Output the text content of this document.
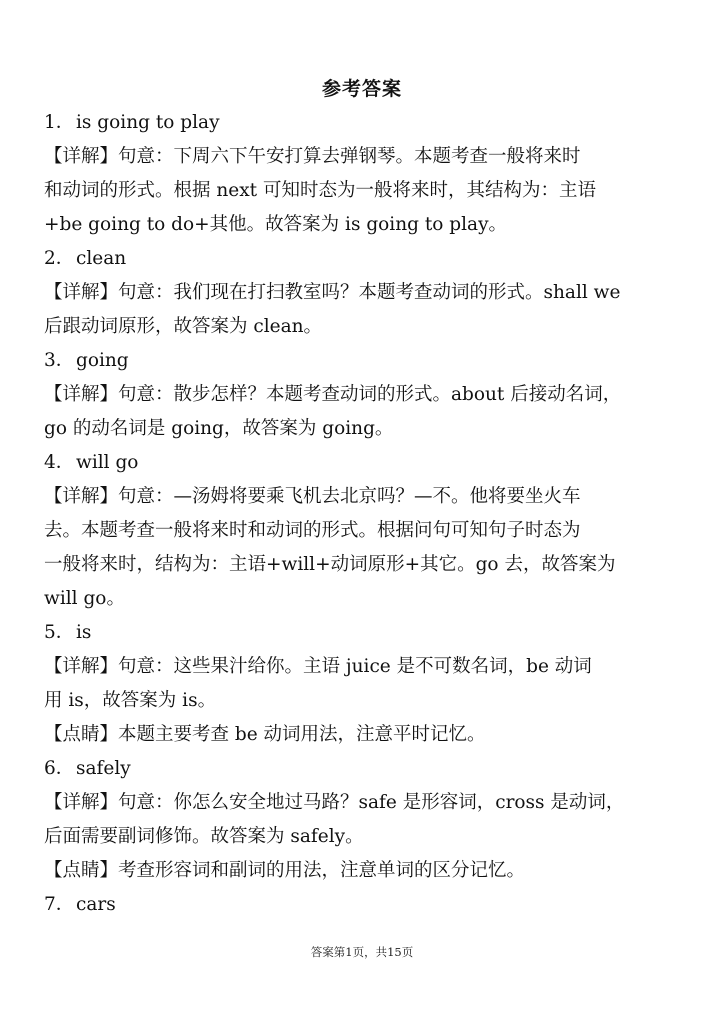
参考答案
1．is going to play
【详解】句意：下周六下午安打算去弹钢琴。本题考查一般将来时
和动词的形式。根据 next 可知时态为一般将来时，其结构为：主语
+be going to do+其他。故答案为 is going to play。
2．clean
【详解】句意：我们现在打扫教室吗？本题考查动词的形式。shall we
后跟动词原形，故答案为 clean。
3．going
【详解】句意：散步怎样？本题考查动词的形式。about 后接动名词，
go 的动名词是 going，故答案为 going。
4．will go
【详解】句意：—汤姆将要乘飞机去北京吗？—不。他将要坐火车
去。本题考查一般将来时和动词的形式。根据问句可知句子时态为
一般将来时，结构为：主语+will+动词原形+其它。go 去，故答案为
will go。
5．is
【详解】句意：这些果汁给你。主语 juice 是不可数名词，be 动词
用 is，故答案为 is。
【点睛】本题主要考查 be 动词用法，注意平时记忆。
6．safely
【详解】句意：你怎么安全地过马路？safe 是形容词，cross 是动词，
后面需要副词修饰。故答案为 safely。
【点睛】考查形容词和副词的用法，注意单词的区分记忆。
7．cars
答案第1页，共15页
